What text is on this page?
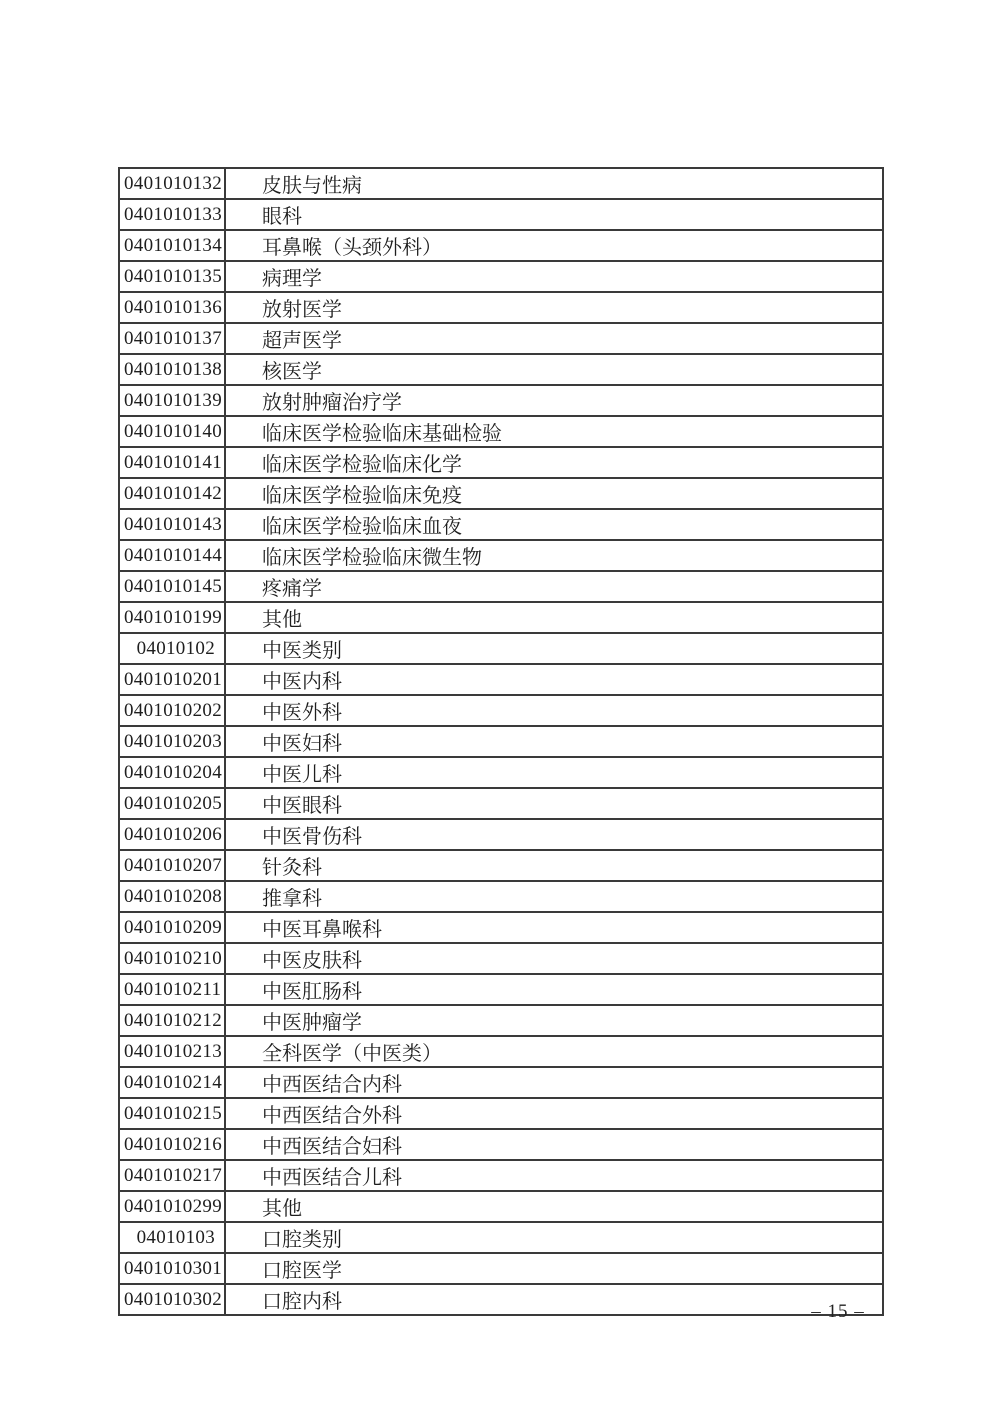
0401010132	皮肤与性病
0401010133	眼科
0401010134	耳鼻喉（头颈外科）
0401010135	病理学
0401010136	放射医学
0401010137	超声医学
0401010138	核医学
0401010139	放射肿瘤治疗学
0401010140	临床医学检验临床基础检验
0401010141	临床医学检验临床化学
0401010142	临床医学检验临床免疫
0401010143	临床医学检验临床血夜
0401010144	临床医学检验临床微生物
0401010145	疼痛学
0401010199	其他
04010102	中医类别
0401010201	中医内科
0401010202	中医外科
0401010203	中医妇科
0401010204	中医儿科
0401010205	中医眼科
0401010206	中医骨伤科
0401010207	针灸科
0401010208	推拿科
0401010209	中医耳鼻喉科
0401010210	中医皮肤科
0401010211	中医肛肠科
0401010212	中医肿瘤学
0401010213	全科医学（中医类）
0401010214	中西医结合内科
0401010215	中西医结合外科
0401010216	中西医结合妇科
0401010217	中西医结合儿科
0401010299	其他
04010103	口腔类别
0401010301	口腔医学
0401010302	口腔内科	– 15 –
